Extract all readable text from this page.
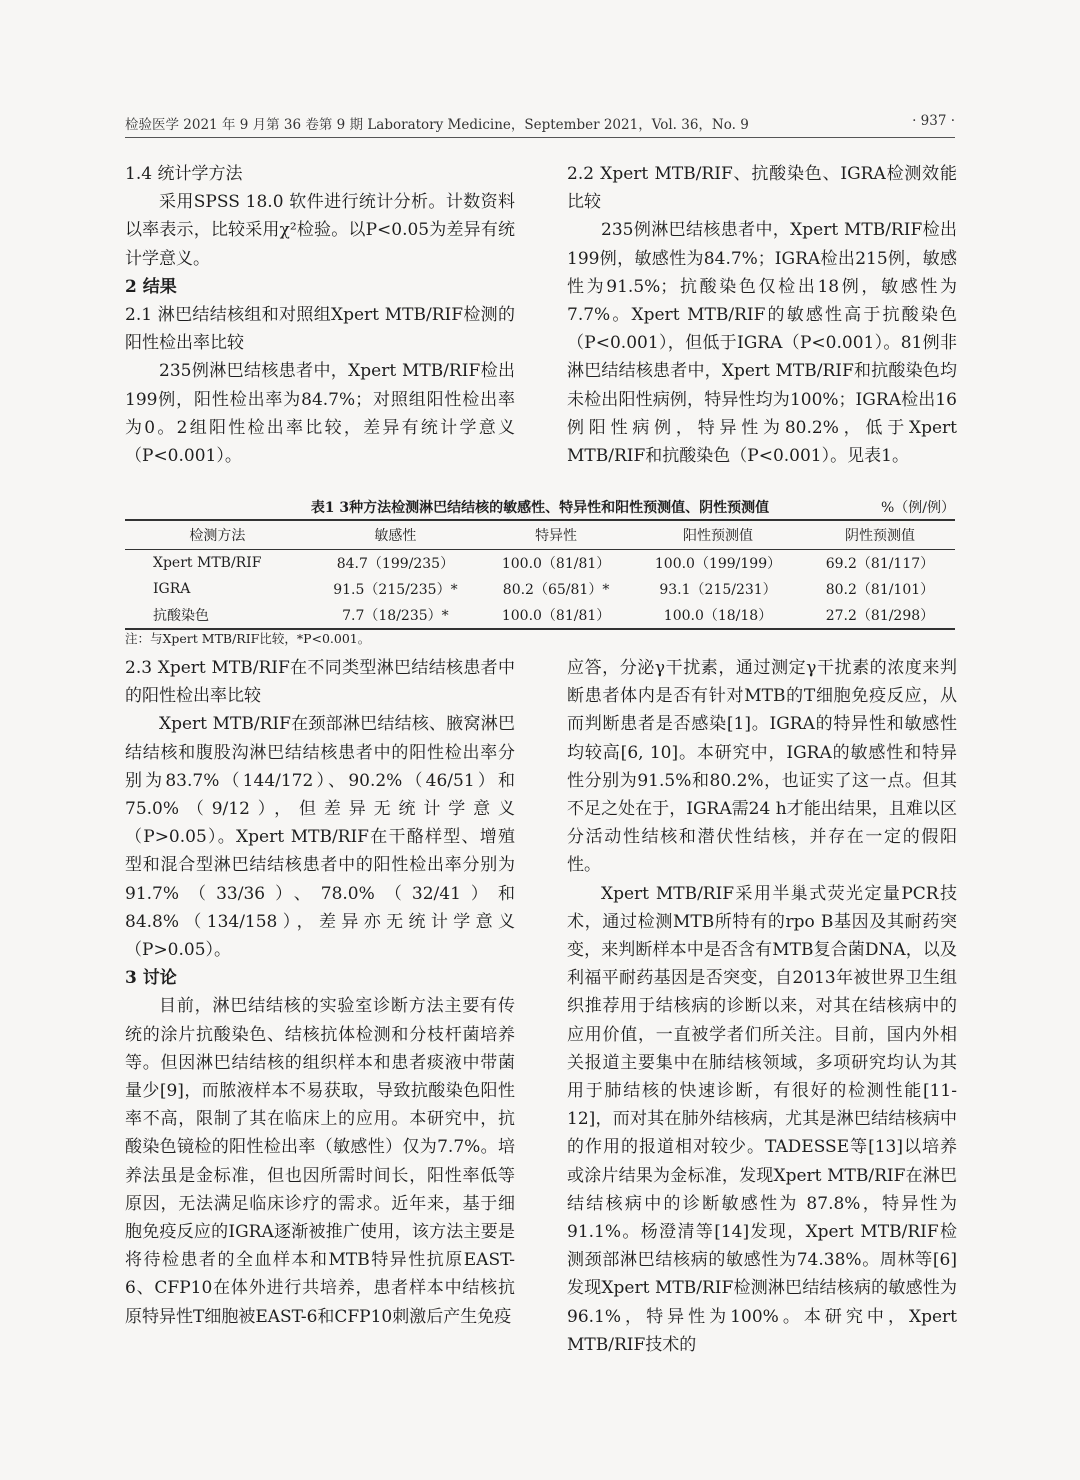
检验医学 2021 年 9 月第 36 卷第 9 期 Laboratory Medicine，September 2021，Vol. 36，No. 9	· 937 ·

1.4 统计学方法

采用SPSS 18.0 软件进行统计分析。计数资料以率表示，比较采用χ²检验。以P<0.05为差异有统计学意义。

2 结果

2.1 淋巴结结核组和对照组Xpert MTB/RIF检测的阳性检出率比较

235例淋巴结核患者中，Xpert MTB/RIF检出199例，阳性检出率为84.7%；对照组阳性检出率为0。2组阳性检出率比较，差异有统计学意义（P<0.001）。

2.2 Xpert MTB/RIF、抗酸染色、IGRA检测效能比较

235例淋巴结核患者中，Xpert MTB/RIF检出199例，敏感性为84.7%；IGRA检出215例，敏感性为91.5%；抗酸染色仅检出18例，敏感性为7.7%。Xpert MTB/RIF的敏感性高于抗酸染色（P<0.001），但低于IGRA（P<0.001）。81例非淋巴结结核患者中，Xpert MTB/RIF和抗酸染色均未检出阳性病例，特异性均为100%；IGRA检出16例阳性病例，特异性为80.2%，低于Xpert MTB/RIF和抗酸染色（P<0.001）。见表1。

表1 3种方法检测淋巴结结核的敏感性、特异性和阳性预测值、阴性预测值	%（例/例）
检测方法	敏感性	特异性	阳性预测值	阴性预测值
Xpert MTB/RIF	84.7（199/235）	100.0（81/81）	100.0（199/199）	69.2（81/117）
IGRA	91.5（215/235）*	80.2（65/81）*	93.1（215/231）	80.2（81/101）
抗酸染色	7.7（18/235）*	100.0（81/81）	100.0（18/18）	27.2（81/298）
注：与Xpert MTB/RIF比较，*P<0.001。

2.3 Xpert MTB/RIF在不同类型淋巴结结核患者中的阳性检出率比较

Xpert MTB/RIF在颈部淋巴结结核、腋窝淋巴结结核和腹股沟淋巴结结核患者中的阳性检出率分别为83.7%（144/172）、90.2%（46/51）和75.0%（9/12），但差异无统计学意义（P>0.05）。Xpert MTB/RIF在干酪样型、增殖型和混合型淋巴结结核患者中的阳性检出率分别为91.7%（33/36）、78.0%（32/41）和84.8%（134/158），差异亦无统计学意义（P>0.05）。

3 讨论

目前，淋巴结结核的实验室诊断方法主要有传统的涂片抗酸染色、结核抗体检测和分枝杆菌培养等。但因淋巴结结核的组织样本和患者痰液中带菌量少[9]，而脓液样本不易获取，导致抗酸染色阳性率不高，限制了其在临床上的应用。本研究中，抗酸染色镜检的阳性检出率（敏感性）仅为7.7%。培养法虽是金标准，但也因所需时间长，阳性率低等原因，无法满足临床诊疗的需求。近年来，基于细胞免疫反应的IGRA逐渐被推广使用，该方法主要是将待检患者的全血样本和MTB特异性抗原EAST-6、CFP10在体外进行共培养，患者样本中结核抗原特异性T细胞被EAST-6和CFP10刺激后产生免疫

应答，分泌γ干扰素，通过测定γ干扰素的浓度来判断患者体内是否有针对MTB的T细胞免疫反应，从而判断患者是否感染[1]。IGRA的特异性和敏感性均较高[6, 10]。本研究中，IGRA的敏感性和特异性分别为91.5%和80.2%，也证实了这一点。但其不足之处在于，IGRA需24 h才能出结果，且难以区分活动性结核和潜伏性结核，并存在一定的假阳性。

Xpert MTB/RIF采用半巢式荧光定量PCR技术，通过检测MTB所特有的rpo B基因及其耐药突变，来判断样本中是否含有MTB复合菌DNA，以及利福平耐药基因是否突变，自2013年被世界卫生组织推荐用于结核病的诊断以来，对其在结核病中的应用价值，一直被学者们所关注。目前，国内外相关报道主要集中在肺结核领域，多项研究均认为其用于肺结核的快速诊断，有很好的检测性能[11-12]，而对其在肺外结核病，尤其是淋巴结结核病中的作用的报道相对较少。TADESSE等[13]以培养或涂片结果为金标准，发现Xpert MTB/RIF在淋巴结结核病中的诊断敏感性为 87.8%，特异性为91.1%。杨澄清等[14]发现，Xpert MTB/RIF检测颈部淋巴结核病的敏感性为74.38%。周林等[6]发现Xpert MTB/RIF检测淋巴结结核病的敏感性为96.1%，特异性为100%。本研究中，Xpert MTB/RIF技术的
